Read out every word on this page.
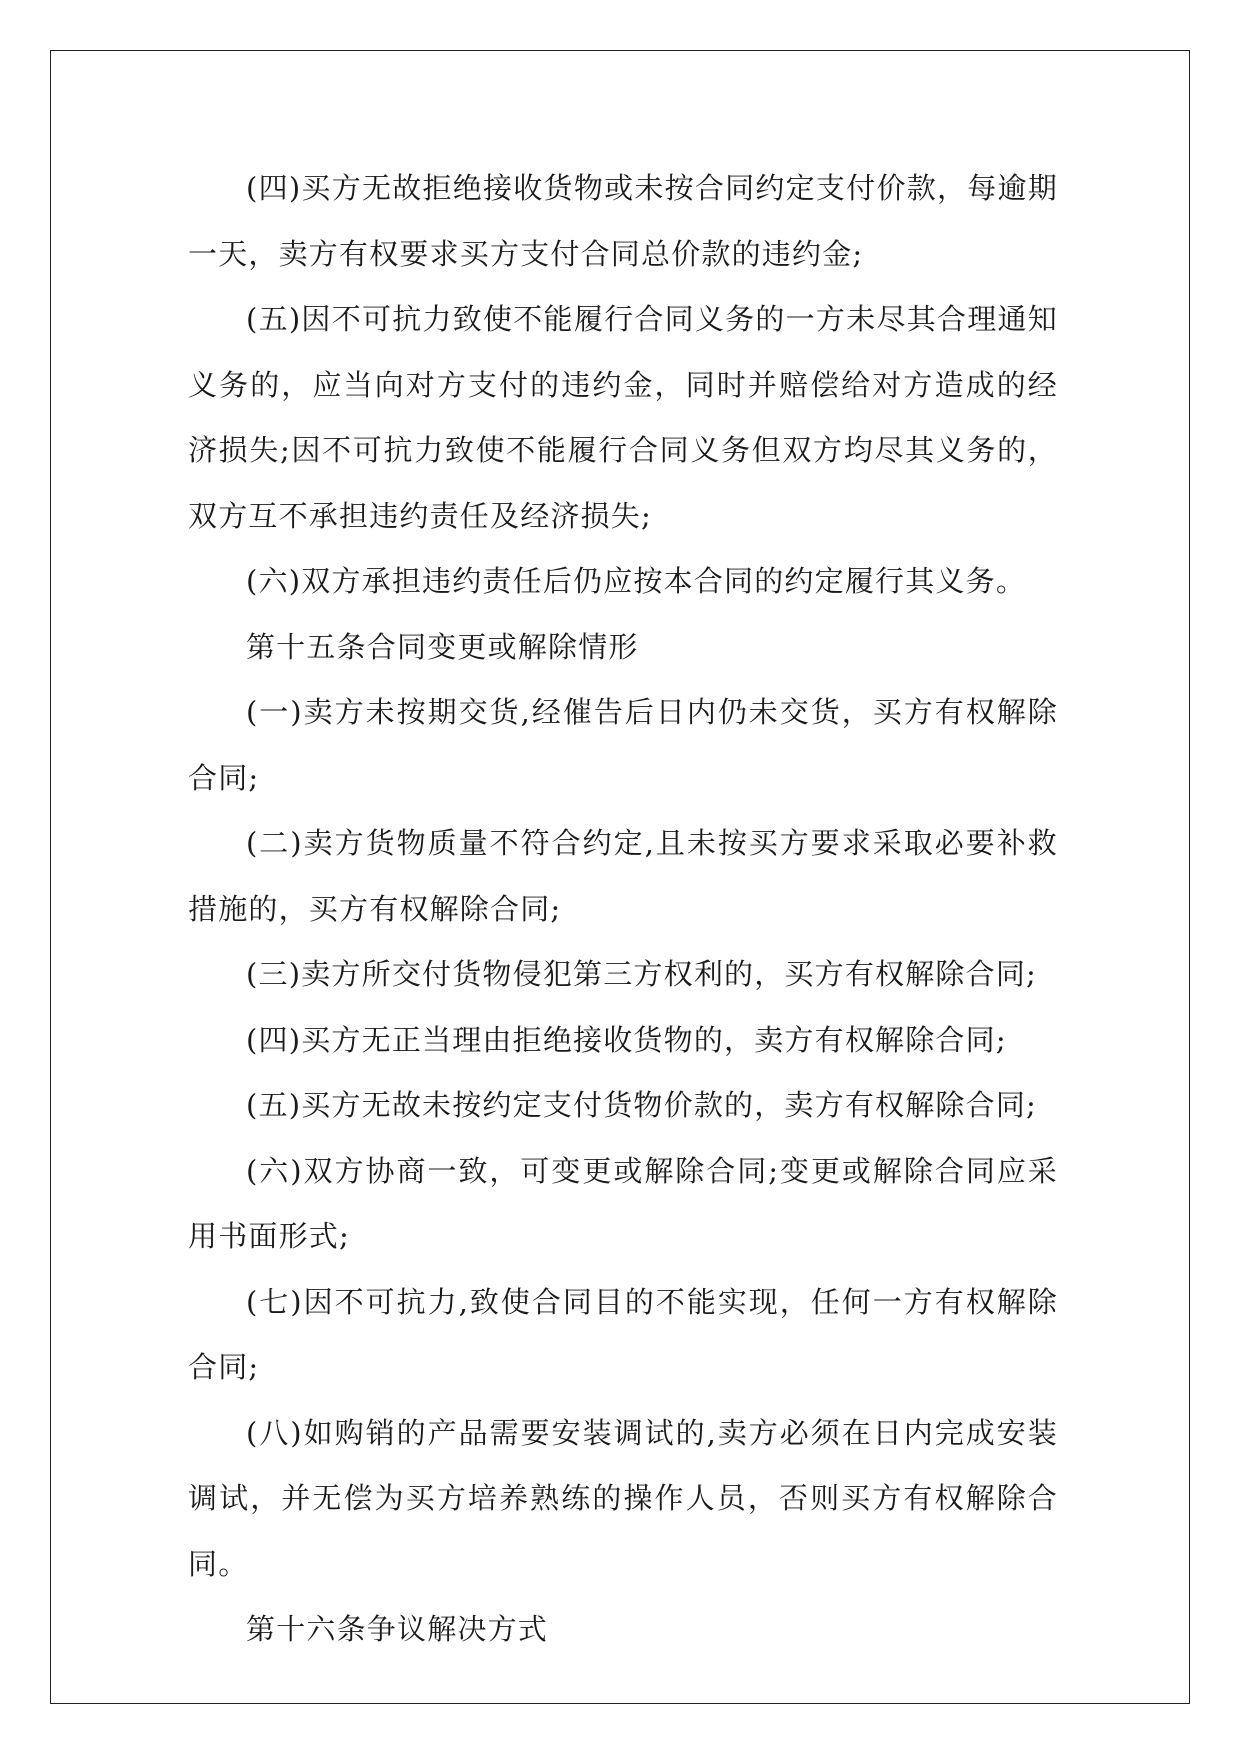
(四)买方无故拒绝接收货物或未按合同约定支付价款，每逾期一天，卖方有权要求买方支付合同总价款的违约金;

(五)因不可抗力致使不能履行合同义务的一方未尽其合理通知义务的，应当向对方支付的违约金，同时并赔偿给对方造成的经济损失;因不可抗力致使不能履行合同义务但双方均尽其义务的，双方互不承担违约责任及经济损失;

(六)双方承担违约责任后仍应按本合同的约定履行其义务。

第十五条合同变更或解除情形

(一)卖方未按期交货,经催告后日内仍未交货，买方有权解除合同;

(二)卖方货物质量不符合约定,且未按买方要求采取必要补救措施的，买方有权解除合同;

(三)卖方所交付货物侵犯第三方权利的，买方有权解除合同;

(四)买方无正当理由拒绝接收货物的，卖方有权解除合同;

(五)买方无故未按约定支付货物价款的，卖方有权解除合同;

(六)双方协商一致，可变更或解除合同;变更或解除合同应采用书面形式;

(七)因不可抗力,致使合同目的不能实现，任何一方有权解除合同;

(八)如购销的产品需要安装调试的,卖方必须在日内完成安装调试，并无偿为买方培养熟练的操作人员，否则买方有权解除合同。

第十六条争议解决方式
